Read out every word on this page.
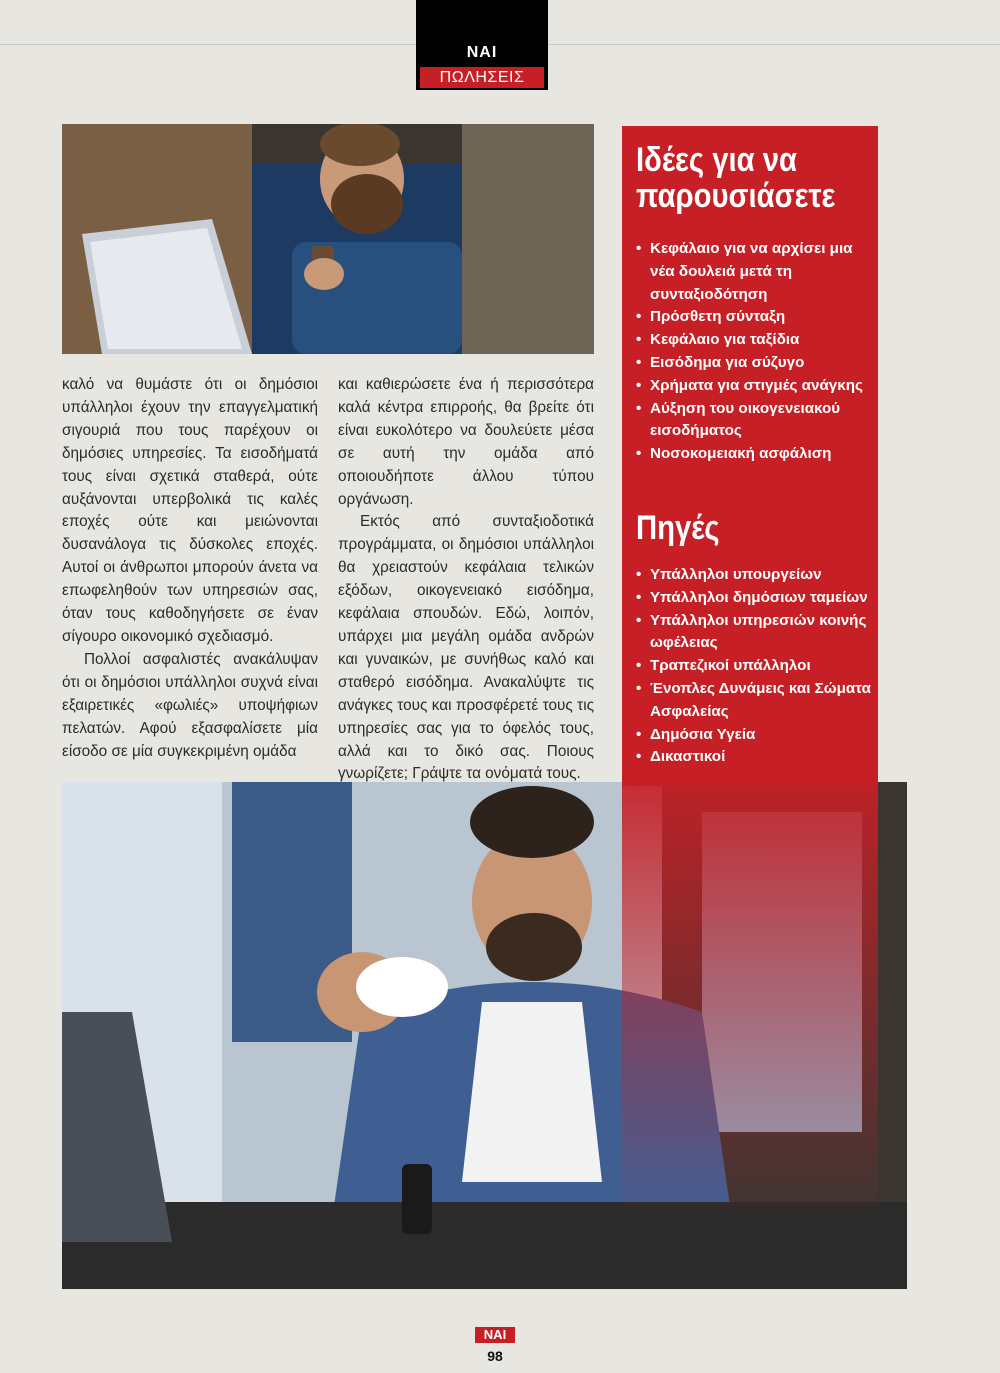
ΝΑΙ
ΠΩΛΗΣΕΙΣ

καλό να θυμάστε ότι οι δημόσιοι υπάλληλοι έχουν την επαγγελματική σιγουριά που τους παρέχουν οι δημόσιες υπηρεσίες. Τα εισοδήματά τους είναι σχετικά σταθερά, ούτε αυξάνονται υπερβολικά τις καλές εποχές ούτε και μειώνονται δυσανάλογα τις δύσκολες εποχές. Αυτοί οι άνθρωποι μπορούν άνετα να επωφεληθούν των υπηρεσιών σας, όταν τους καθοδηγήσετε σε έναν σίγουρο οικονομικό σχεδιασμό.

Πολλοί ασφαλιστές ανακάλυψαν ότι οι δημόσιοι υπάλληλοι συχνά είναι εξαιρετικές «φωλιές» υποψήφιων πελατών. Αφού εξασφαλίσετε μία είσοδο σε μία συγκεκριμένη ομάδα

και καθιερώσετε ένα ή περισσότερα καλά κέντρα επιρροής, θα βρείτε ότι είναι ευκολότερο να δουλεύετε μέσα σε αυτή την ομάδα από οποιουδήποτε άλλου τύπου οργάνωση.

Εκτός από συνταξιοδοτικά προγράμματα, οι δημόσιοι υπάλληλοι θα χρειαστούν κεφάλαια τελικών εξόδων, οικογενειακό εισόδημα, κεφάλαια σπουδών. Εδώ, λοιπόν, υπάρχει μια μεγάλη ομάδα ανδρών και γυναικών, με συνήθως καλό και σταθερό εισόδημα. Ανακαλύψτε τις ανάγκες τους και προσφέρετέ τους τις υπηρεσίες σας για το όφελός τους, αλλά και το δικό σας. Ποιους γνωρίζετε; Γράψτε τα ονόματά τους.

Ιδέες για να
παρουσιάσετε
• Κεφάλαιο για να αρχίσει μια νέα δουλειά μετά τη συνταξιοδότηση
• Πρόσθετη σύνταξη
• Κεφάλαιο για ταξίδια
• Εισόδημα για σύζυγο
• Χρήματα για στιγμές ανάγκης
• Αύξηση του οικογενειακού εισοδήματος
• Νοσοκομειακή ασφάλιση
Πηγές
• Υπάλληλοι υπουργείων
• Υπάλληλοι δημόσιων ταμείων
• Υπάλληλοι υπηρεσιών κοινής ωφέλειας
• Τραπεζικοί υπάλληλοι
• Ένοπλες Δυνάμεις και Σώματα Ασφαλείας
• Δημόσια Υγεία
• Δικαστικοί
ΝΑΙ
98
